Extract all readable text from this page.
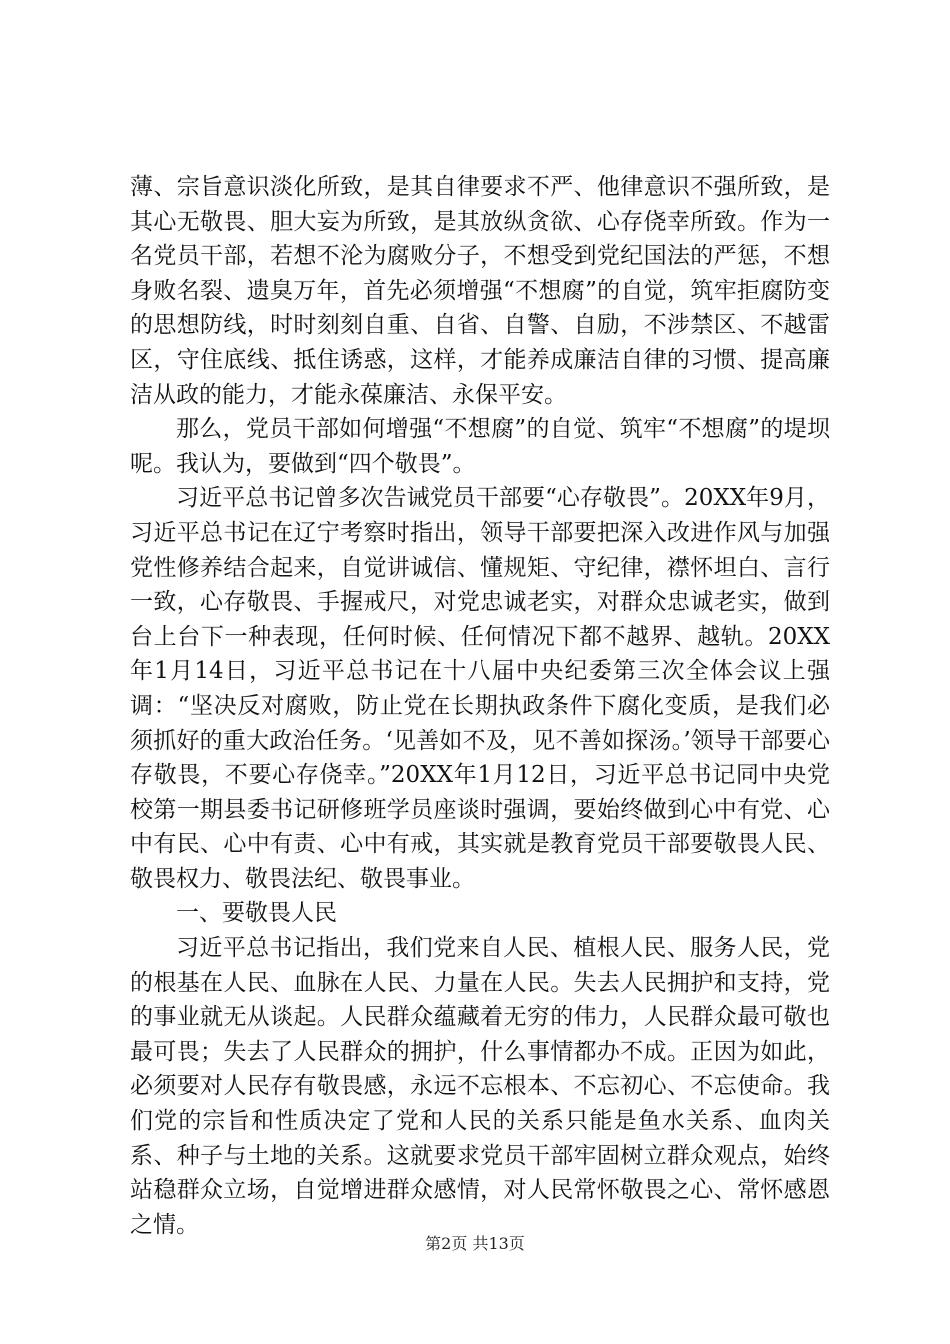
薄、宗旨意识淡化所致，是其自律要求不严、他律意识不强所致，是其心无敬畏、胆大妄为所致，是其放纵贪欲、心存侥幸所致。作为一名党员干部，若想不沦为腐败分子，不想受到党纪国法的严惩，不想身败名裂、遗臭万年，首先必须增强“不想腐”的自觉，筑牢拒腐防变的思想防线，时时刻刻自重、自省、自警、自励，不涉禁区、不越雷区，守住底线、抵住诱惑，这样，才能养成廉洁自律的习惯、提高廉洁从政的能力，才能永葆廉洁、永保平安。

那么，党员干部如何增强“不想腐”的自觉、筑牢“不想腐”的堤坝呢。我认为，要做到“四个敬畏”。

习近平总书记曾多次告诫党员干部要“心存敬畏”。20XX年9月，习近平总书记在辽宁考察时指出，领导干部要把深入改进作风与加强党性修养结合起来，自觉讲诚信、懂规矩、守纪律，襟怀坦白、言行一致，心存敬畏、手握戒尺，对党忠诚老实，对群众忠诚老实，做到台上台下一种表现，任何时候、任何情况下都不越界、越轨。20XX年1月14日，习近平总书记在十八届中央纪委第三次全体会议上强调：“坚决反对腐败，防止党在长期执政条件下腐化变质，是我们必须抓好的重大政治任务。‘见善如不及，见不善如探汤。’领导干部要心存敬畏，不要心存侥幸。”20XX年1月12日，习近平总书记同中央党校第一期县委书记研修班学员座谈时强调，要始终做到心中有党、心中有民、心中有责、心中有戒，其实就是教育党员干部要敬畏人民、敬畏权力、敬畏法纪、敬畏事业。

一、要敬畏人民

习近平总书记指出，我们党来自人民、植根人民、服务人民，党的根基在人民、血脉在人民、力量在人民。失去人民拥护和支持，党的事业就无从谈起。人民群众蕴藏着无穷的伟力，人民群众最可敬也最可畏；失去了人民群众的拥护，什么事情都办不成。正因为如此，必须要对人民存有敬畏感，永远不忘根本、不忘初心、不忘使命。我们党的宗旨和性质决定了党和人民的关系只能是鱼水关系、血肉关系、种子与土地的关系。这就要求党员干部牢固树立群众观点，始终站稳群众立场，自觉增进群众感情，对人民常怀敬畏之心、常怀感恩之情。

第2页 共13页
